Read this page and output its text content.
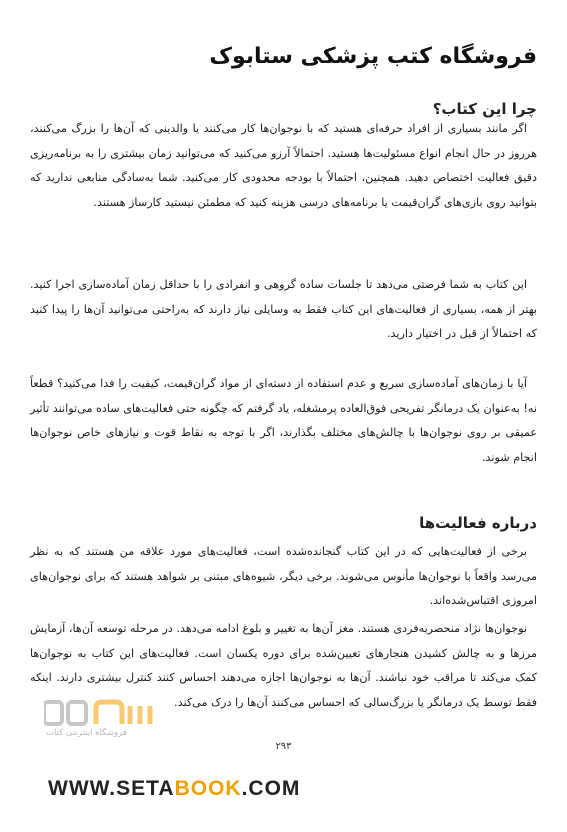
فروشگاه کتب پزشکی ستابوک
چرا این کتاب؟

اگر مانند بسیاری از افراد حرفه‌ای هستید که با نوجوان‌ها کار می‌کنند یا والدینی که آن‌ها را بزرگ می‌کنند، هرروز در حال انجام انواع مسئولیت‌ها هستید. احتمالاً آرزو می‌کنید که می‌توانید زمان بیشتری را به برنامه‌ریزی دقیق فعالیت اختصاص دهید. همچنین، احتمالاً با بودجه محدودی کار می‌کنید. شما به‌سادگی منابعی ندارید که بتوانید روی بازی‌های گران‌قیمت یا برنامه‌های درسی هزینه کنید که مطمئن نیستید کارساز هستند.

این کتاب به شما فرصتی می‌دهد تا جلسات ساده گروهی و انفرادی را با حداقل زمان آماده‌سازی اجرا کنید. بهتر از همه، بسیاری از فعالیت‌های این کتاب فقط به وسایلی نیاز دارند که به‌راحتی می‌توانید آن‌ها را پیدا کنید که احتمالاً از قبل در اختیار دارید.

آیا با زمان‌های آماده‌سازی سریع و عدم استفاده از دسته‌ای از مواد گران‌قیمت، کیفیت را فدا می‌کنید؟ قطعاً نه! به‌عنوان یک درمانگر تفریحی فوق‌العاده پرمشغله، یاد گرفتم که چگونه حتی فعالیت‌های ساده می‌توانند تأثیر عمیقی بر روی نوجوان‌ها با چالش‌های مختلف بگذارند، اگر با توجه به نقاط قوت و نیازهای خاص نوجوان‌ها انجام شوند.

درباره فعالیت‌ها

برخی از فعالیت‌هایی که در این کتاب گنجانده‌شده است، فعالیت‌های مورد علاقه من هستند که به نظر می‌رسد واقعاً با نوجوان‌ها مأنوس می‌شوند. برخی دیگر، شیوه‌های مبتنی بر شواهد هستند که برای نوجوان‌های امروزی اقتباس‌شده‌اند.

نوجوان‌ها نژاد منحصربه‌فردی هستند. مغز آن‌ها به تغییر و بلوغ ادامه می‌دهد. در مرحله توسعه آن‌ها، آزمایش مرزها و به چالش کشیدن هنجارهای تعیین‌شده برای دوره یکسان است. فعالیت‌های این کتاب به نوجوان‌ها کمک می‌کند تا مراقب خود نباشند. آن‌ها به نوجوان‌ها اجازه می‌دهند احساس کنند کنترل بیشتری دارند. اینکه فقط توسط یک درمانگر یا بزرگ‌سالی که احساس می‌کنند آن‌ها را درک می‌کند.

فروشگاه اینترنتی کتاب
۲۹۳
WWW.SETABOOK.COM
